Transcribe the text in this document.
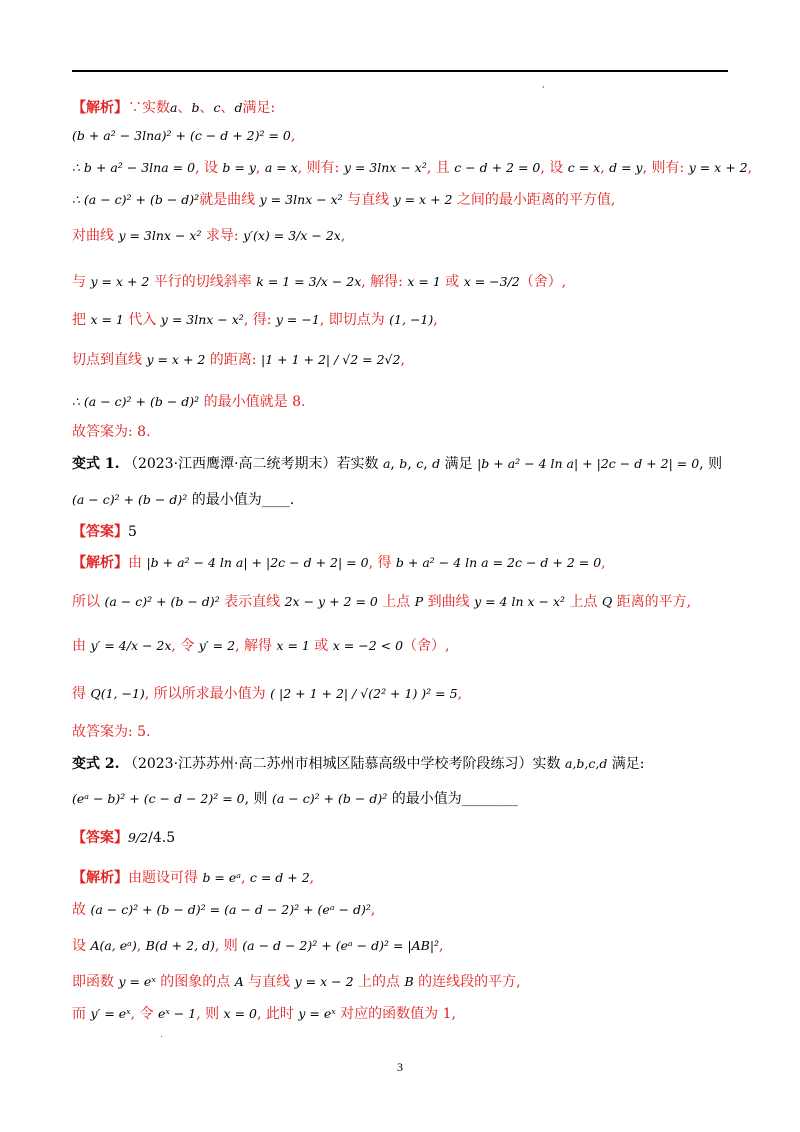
,
【解析】∵实数a、b、c、d满足:
(b + a² − 3lna)² + (c − d + 2)² = 0,
∴ b + a² − 3lna = 0, 设 b = y, a = x, 则有: y = 3lnx − x², 且 c − d + 2 = 0, 设 c = x, d = y, 则有: y = x + 2,
∴ (a − c)² + (b − d)²就是曲线 y = 3lnx − x² 与直线 y = x + 2 之间的最小距离的平方值,
对曲线 y = 3lnx − x² 求导: y′(x) = 3/x − 2x,
与 y = x + 2 平行的切线斜率 k = 1 = 3/x − 2x, 解得: x = 1 或 x = −3/2（舍）,
把 x = 1 代入 y = 3lnx − x², 得: y = −1, 即切点为 (1, −1),
切点到直线 y = x + 2 的距离: |1 + 1 + 2| / √2 = 2√2,
∴ (a − c)² + (b − d)² 的最小值就是 8.
故答案为: 8.
变式 1. （2023·江西鹰潭·高二统考期末）若实数 a, b, c, d 满足 |b + a² − 4 ln a| + |2c − d + 2| = 0, 则
(a − c)² + (b − d)² 的最小值为____.
【答案】5
【解析】由 |b + a² − 4 ln a| + |2c − d + 2| = 0, 得 b + a² − 4 ln a = 2c − d + 2 = 0,
所以 (a − c)² + (b − d)² 表示直线 2x − y + 2 = 0 上点 P 到曲线 y = 4 ln x − x² 上点 Q 距离的平方,
由 y′ = 4/x − 2x, 令 y′ = 2, 解得 x = 1 或 x = −2 < 0（舍）,
得 Q(1, −1), 所以所求最小值为 ( |2 + 1 + 2| / √(2² + 1) )² = 5,
故答案为: 5.
变式 2. （2023·江苏苏州·高二苏州市相城区陆慕高级中学校考阶段练习）实数 a,b,c,d 满足:
(eᵃ − b)² + (c − d − 2)² = 0, 则 (a − c)² + (b − d)² 的最小值为________
【答案】9/2/4.5
【解析】由题设可得 b = eᵃ, c = d + 2,
故 (a − c)² + (b − d)² = (a − d − 2)² + (eᵃ − d)²,
设 A(a, eᵃ), B(d + 2, d), 则 (a − d − 2)² + (eᵃ − d)² = |AB|²,
即函数 y = eˣ 的图象的点 A 与直线 y = x − 2 上的点 B 的连线段的平方,
而 y′ = eˣ, 令 eˣ − 1, 则 x = 0, 此时 y = eˣ 对应的函数值为 1,
.
3
